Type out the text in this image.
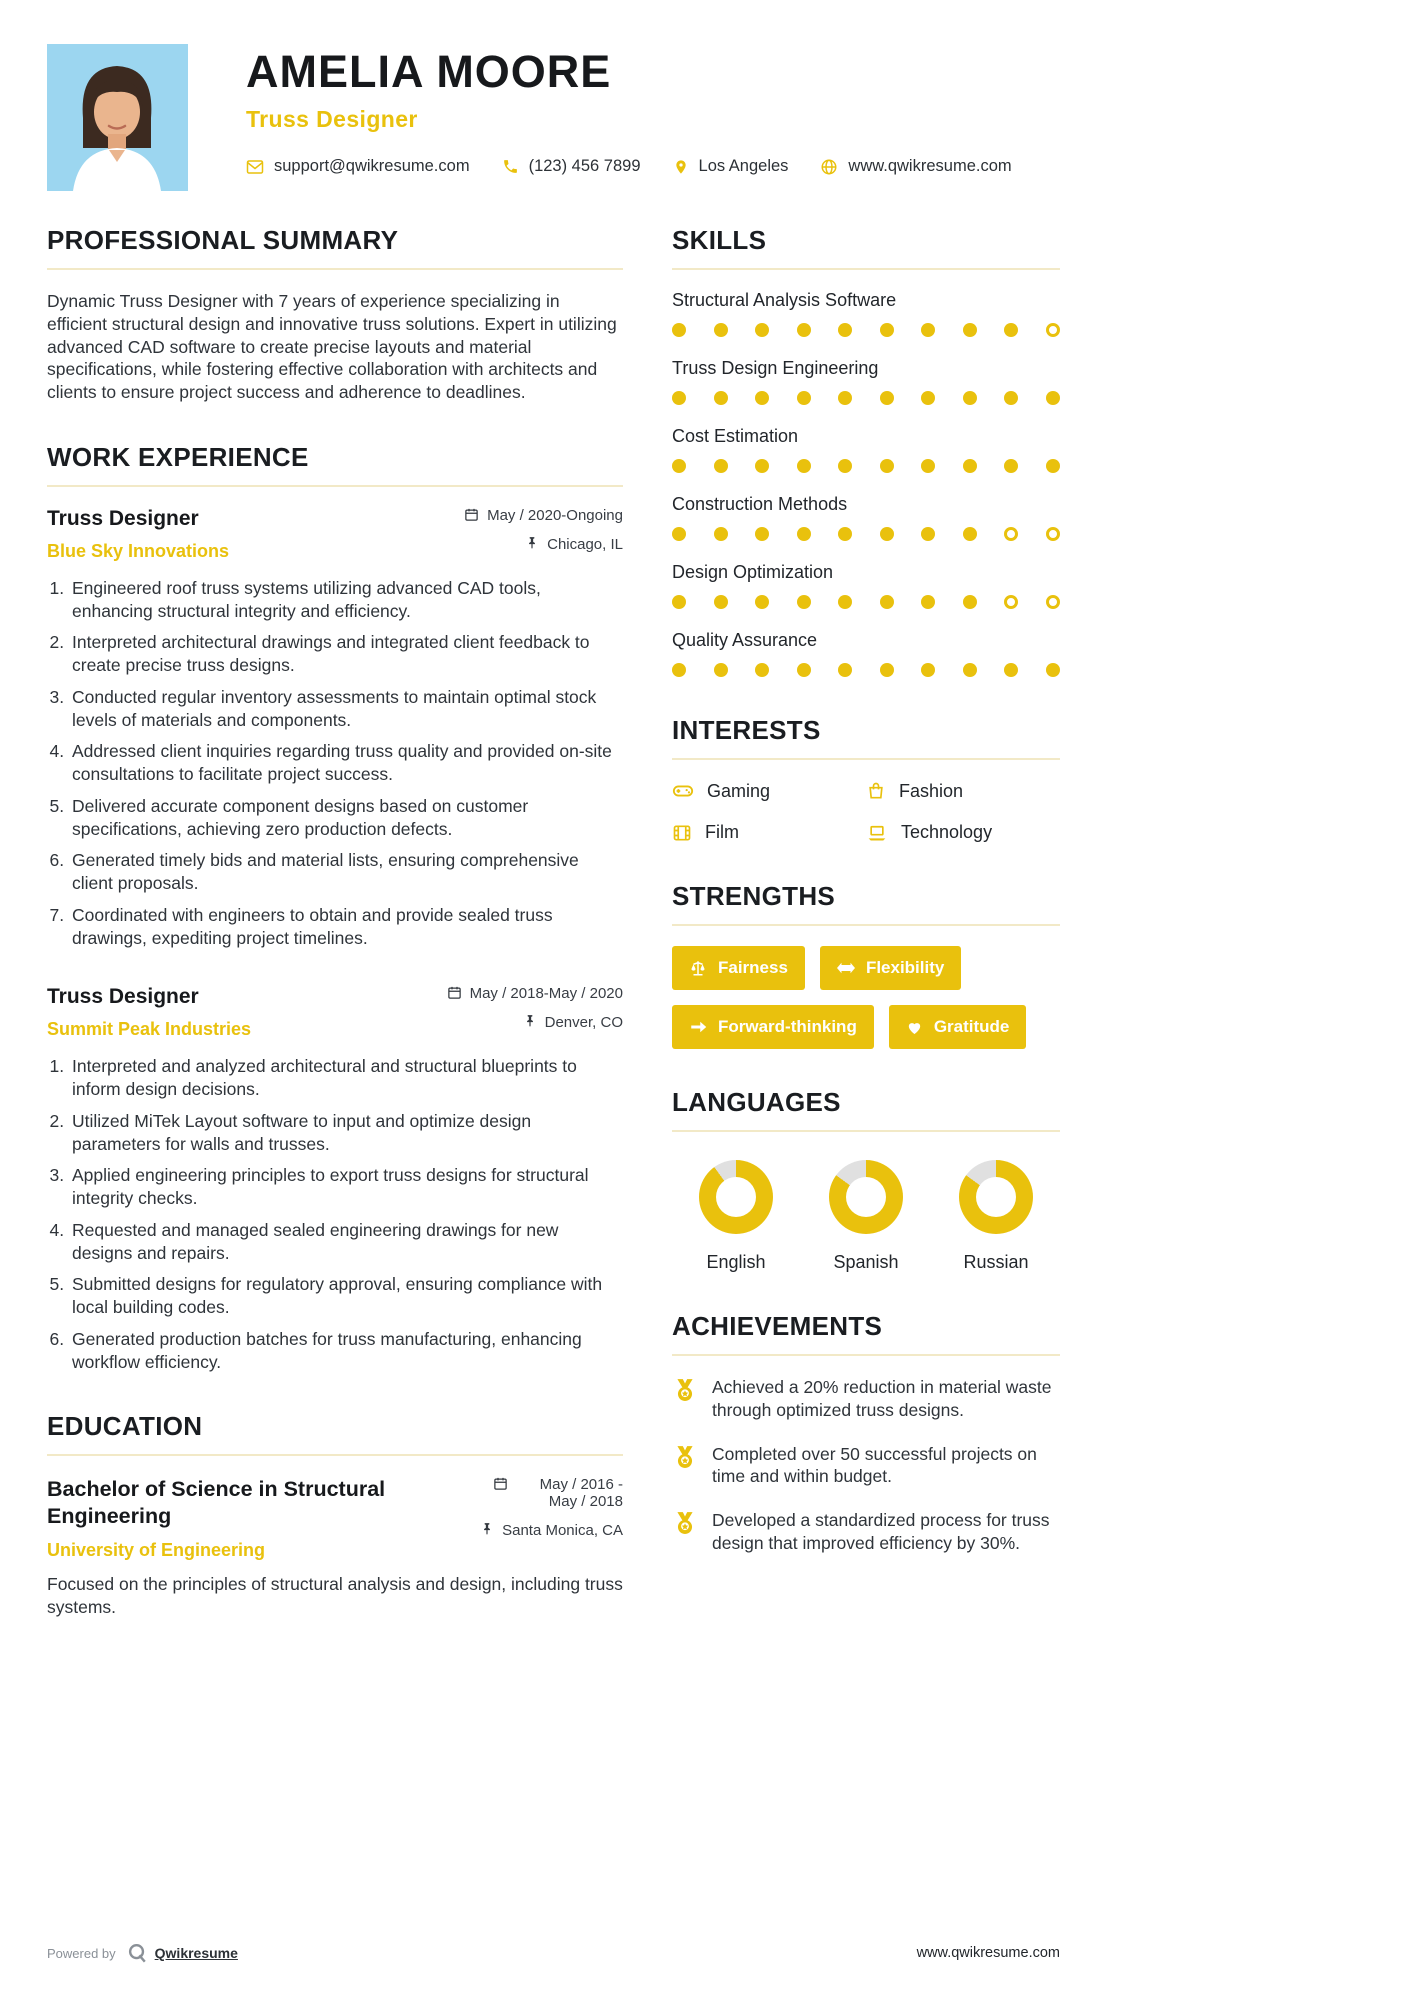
AMELIA MOORE
Truss Designer
support@qwikresume.com	(123) 456 7899	Los Angeles	www.qwikresume.com
PROFESSIONAL SUMMARY

Dynamic Truss Designer with 7 years of experience specializing in efficient structural design and innovative truss solutions. Expert in utilizing advanced CAD software to create precise layouts and material specifications, while fostering effective collaboration with architects and clients to ensure project success and adherence to deadlines.

WORK EXPERIENCE
Truss Designer
Blue Sky Innovations
May / 2020-Ongoing
Chicago, IL
1. Engineered roof truss systems utilizing advanced CAD tools, enhancing structural integrity and efficiency.
2. Interpreted architectural drawings and integrated client feedback to create precise truss designs.
3. Conducted regular inventory assessments to maintain optimal stock levels of materials and components.
4. Addressed client inquiries regarding truss quality and provided on-site consultations to facilitate project success.
5. Delivered accurate component designs based on customer specifications, achieving zero production defects.
6. Generated timely bids and material lists, ensuring comprehensive client proposals.
7. Coordinated with engineers to obtain and provide sealed truss drawings, expediting project timelines.
Truss Designer
Summit Peak Industries
May / 2018-May / 2020
Denver, CO
1. Interpreted and analyzed architectural and structural blueprints to inform design decisions.
2. Utilized MiTek Layout software to input and optimize design parameters for walls and trusses.
3. Applied engineering principles to export truss designs for structural integrity checks.
4. Requested and managed sealed engineering drawings for new designs and repairs.
5. Submitted designs for regulatory approval, ensuring compliance with local building codes.
6. Generated production batches for truss manufacturing, enhancing workflow efficiency.
EDUCATION
Bachelor of Science in Structural Engineering
University of Engineering
May / 2016 - May / 2018
Santa Monica, CA

Focused on the principles of structural analysis and design, including truss systems.

SKILLS
Structural Analysis Software
Truss Design Engineering
Cost Estimation
Construction Methods
Design Optimization
Quality Assurance
INTERESTS
Gaming	Fashion
Film	Technology
STRENGTHS
Fairness	Flexibility
Forward-thinking	Gratitude
LANGUAGES
English	Spanish	Russian
ACHIEVEMENTS

Achieved a 20% reduction in material waste through optimized truss designs.

Completed over 50 successful projects on time and within budget.

Developed a standardized process for truss design that improved efficiency by 30%.

Powered by	Qwikresume	www.qwikresume.com
